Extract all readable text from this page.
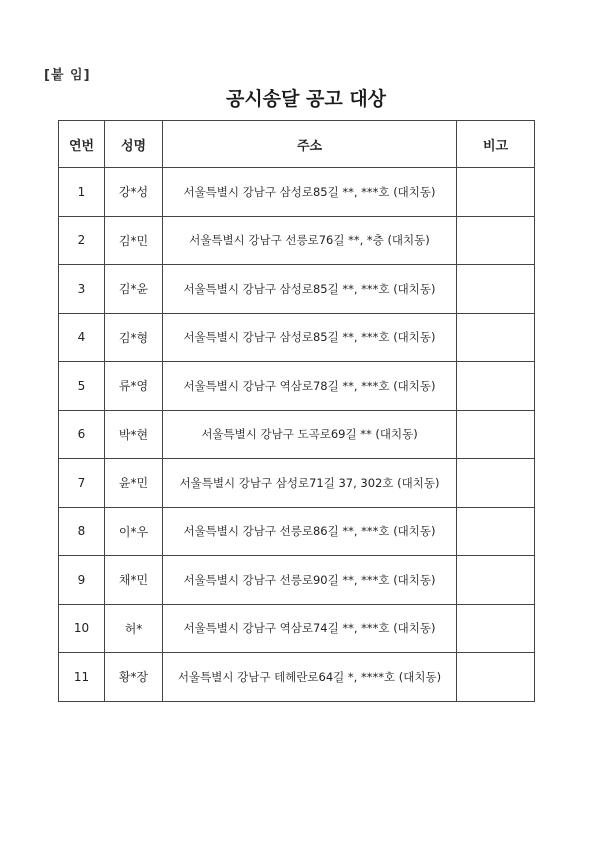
[붙 임]
공시송달 공고 대상
연번	성명	주소	비고
1	강*성	서울특별시 강남구 삼성로85길 **, ***호 (대치동)	
2	김*민	서울특별시 강남구 선릉로76길 **, *층 (대치동)	
3	김*윤	서울특별시 강남구 삼성로85길 **, ***호 (대치동)	
4	김*형	서울특별시 강남구 삼성로85길 **, ***호 (대치동)	
5	류*영	서울특별시 강남구 역삼로78길 **, ***호 (대치동)	
6	박*현	서울특별시 강남구 도곡로69길 ** (대치동)	
7	윤*민	서울특별시 강남구 삼성로71길 37, 302호 (대치동)	
8	이*우	서울특별시 강남구 선릉로86길 **, ***호 (대치동)	
9	채*민	서울특별시 강남구 선릉로90길 **, ***호 (대치동)	
10	허*	서울특별시 강남구 역삼로74길 **, ***호 (대치동)	
11	황*장	서울특별시 강남구 테헤란로64길 *, ****호 (대치동)	
